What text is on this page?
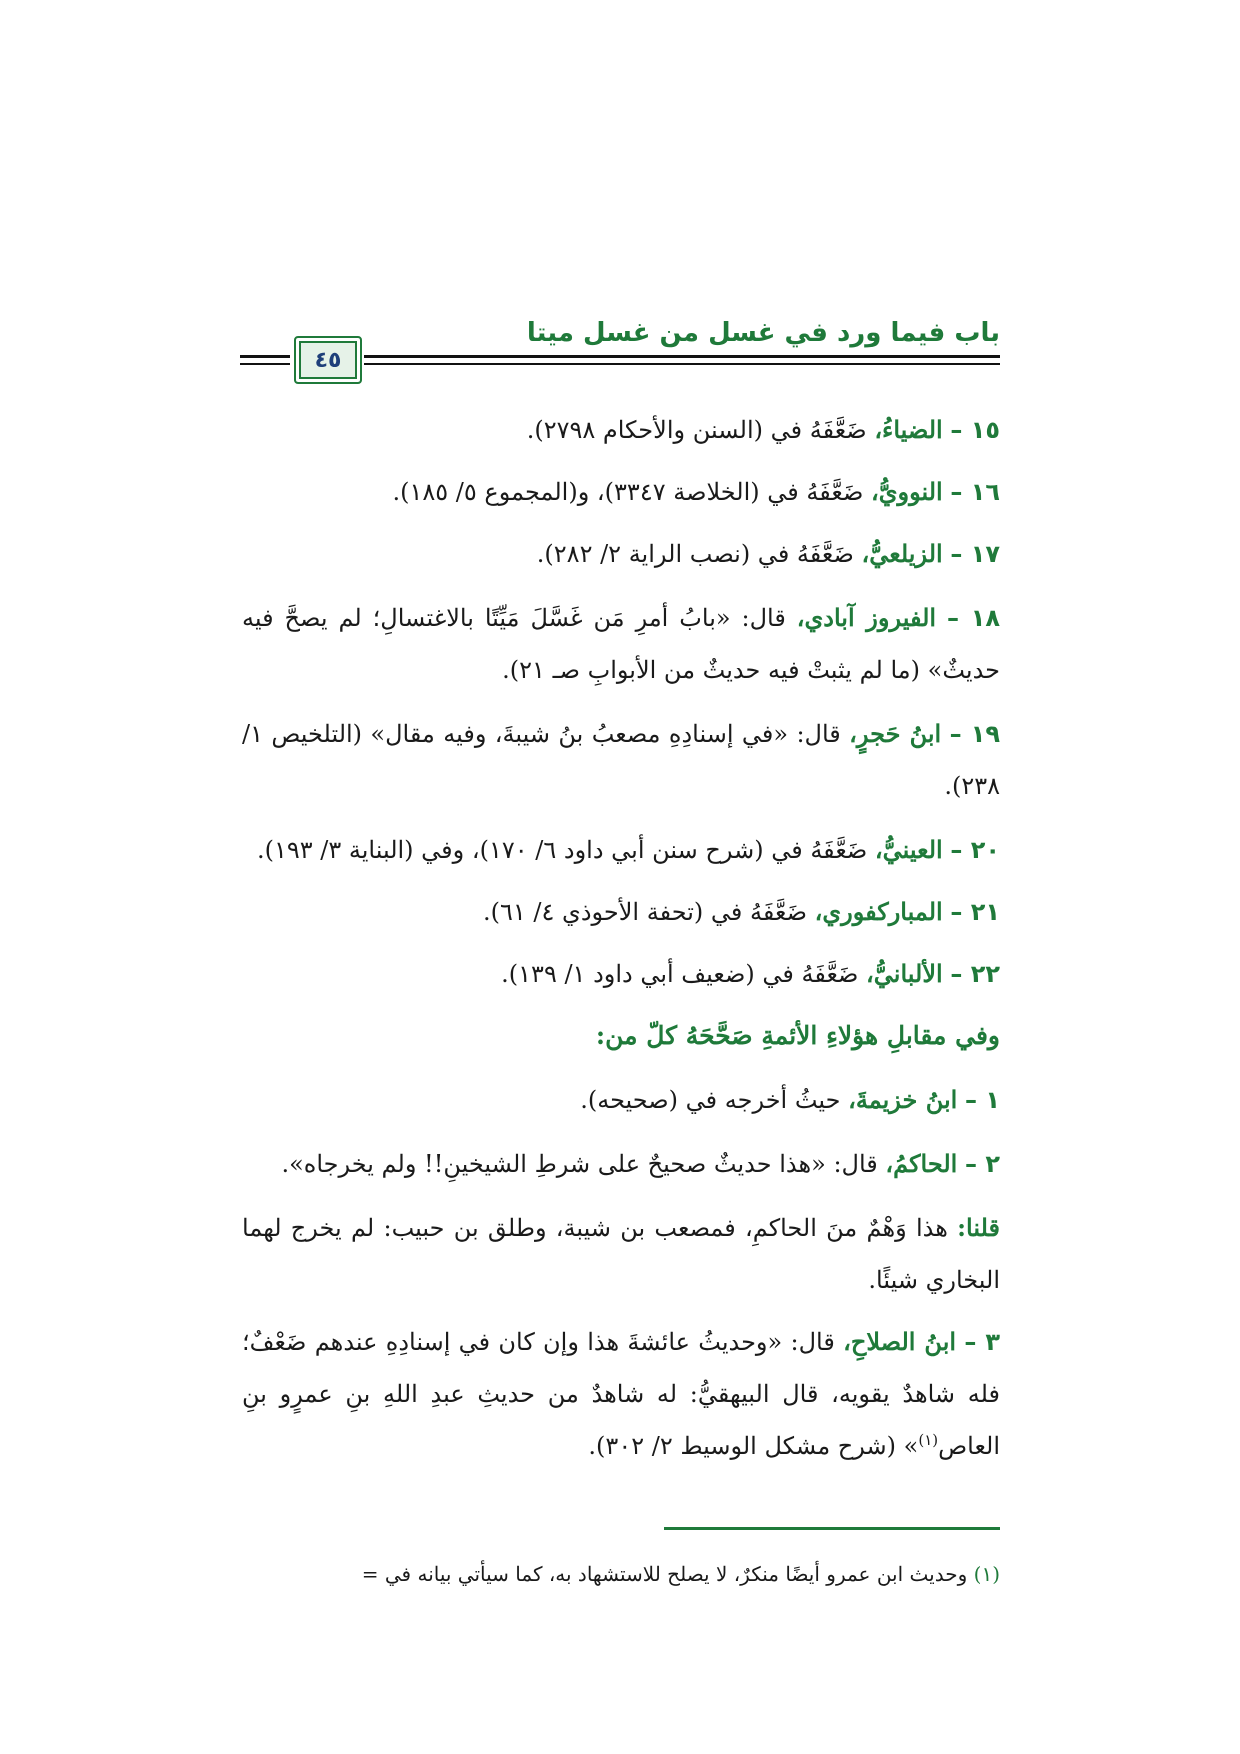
باب فيما ورد في غسل من غسل ميتا
٤٥
١٥ – الضياءُ، ضَعَّفَهُ في (السنن والأحكام ٢٧٩٨).
١٦ – النوويُّ، ضَعَّفَهُ في (الخلاصة ٣٣٤٧)، و(المجموع ٥/ ١٨٥).
١٧ – الزيلعيُّ، ضَعَّفَهُ في (نصب الراية ٢/ ٢٨٢).
١٨ – الفيروز آبادي، قال: «بابُ أمرِ مَن غَسَّلَ مَيِّتًا بالاغتسالِ؛ لم يصحَّ فيه حديثٌ» (ما لم يثبتْ فيه حديثٌ من الأبوابِ صـ ٢١).
١٩ – ابنُ حَجرٍ، قال: «في إسنادِهِ مصعبُ بنُ شيبةَ، وفيه مقال» (التلخيص ١/ ٢٣٨).
٢٠ – العينيُّ، ضَعَّفَهُ في (شرح سنن أبي داود ٦/ ١٧٠)، وفي (البناية ٣/ ١٩٣).
٢١ – المباركفوري، ضَعَّفَهُ في (تحفة الأحوذي ٤/ ٦١).
٢٢ – الألبانيُّ، ضَعَّفَهُ في (ضعيف أبي داود ١/ ١٣٩).
وفي مقابلِ هؤلاءِ الأئمةِ صَحَّحَهُ كلّ من:
١ – ابنُ خزيمةَ، حيثُ أخرجه في (صحيحه).
٢ – الحاكمُ، قال: «هذا حديثٌ صحيحٌ على شرطِ الشيخينِ!! ولم يخرجاه».
قلنا: هذا وَهْمٌ منَ الحاكمِ، فمصعب بن شيبة، وطلق بن حبيب: لم يخرج لهما البخاري شيئًا.
٣ – ابنُ الصلاحِ، قال: «وحديثُ عائشةَ هذا وإن كان في إسنادِهِ عندهم ضَعْفٌ؛ فله شاهدٌ يقويه، قال البيهقيُّ: له شاهدٌ من حديثِ عبدِ اللهِ بنِ عمرٍو بنِ العاص$^{(١)}$» (شرح مشكل الوسيط ٢/ ٣٠٢).
(١) وحديث ابن عمرو أيضًا منكرٌ، لا يصلح للاستشهاد به، كما سيأتي بيانه في =
